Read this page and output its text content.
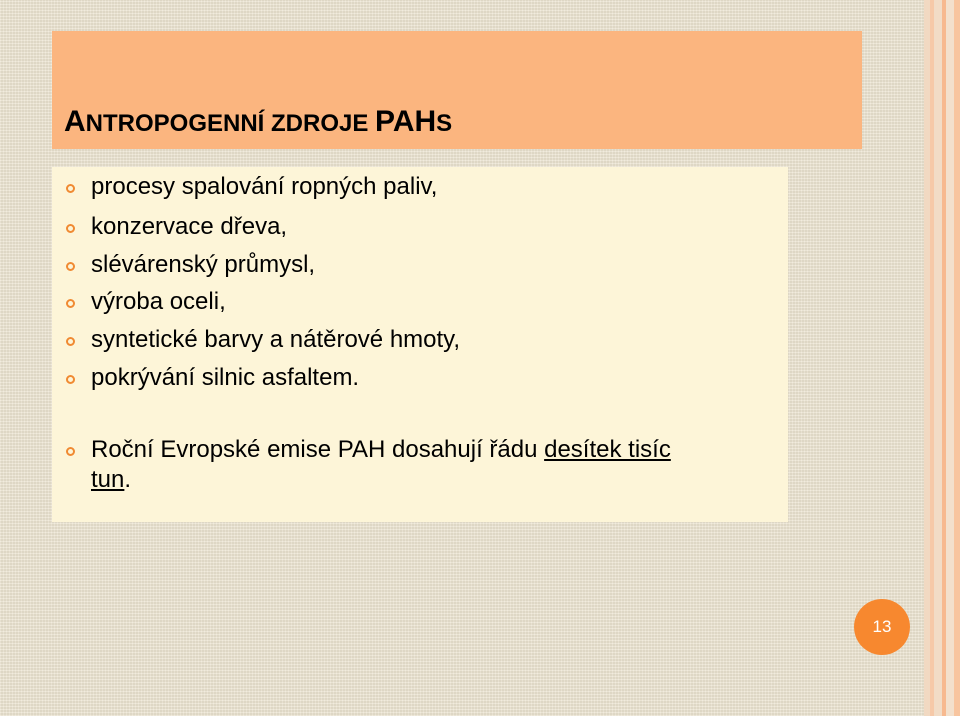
ANTROPOGENNÍ ZDROJE PAHS
procesy spalování ropných paliv,
konzervace dřeva,
slévárenský průmysl,
výroba oceli,
syntetické barvy a nátěrové hmoty,
pokrývání silnic asfaltem.
Roční Evropské emise PAH dosahují řádu desítek tisíc
tun.
13
